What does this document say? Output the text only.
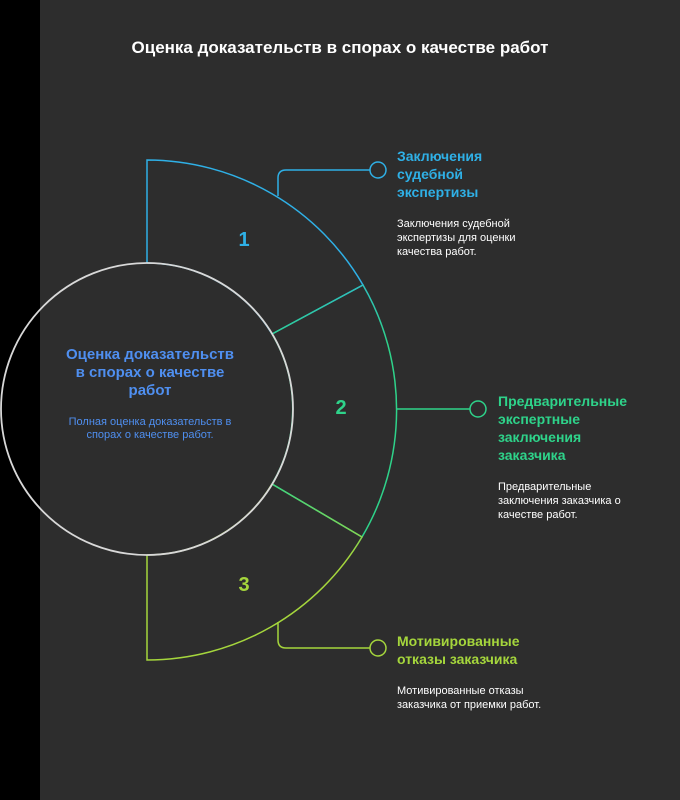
Оценка доказательств в спорах о качестве работ
Оценка доказательств в спорах о качестве работ
Полная оценка доказательств в спорах о качестве работ.
1
2
3
Заключения судебной экспертизы
Заключения судебной экспертизы для оценки качества работ.
Предварительные экспертные заключения заказчика
Предварительные заключения заказчика о качестве работ.
Мотивированные отказы заказчика
Мотивированные отказы заказчика от приемки работ.
